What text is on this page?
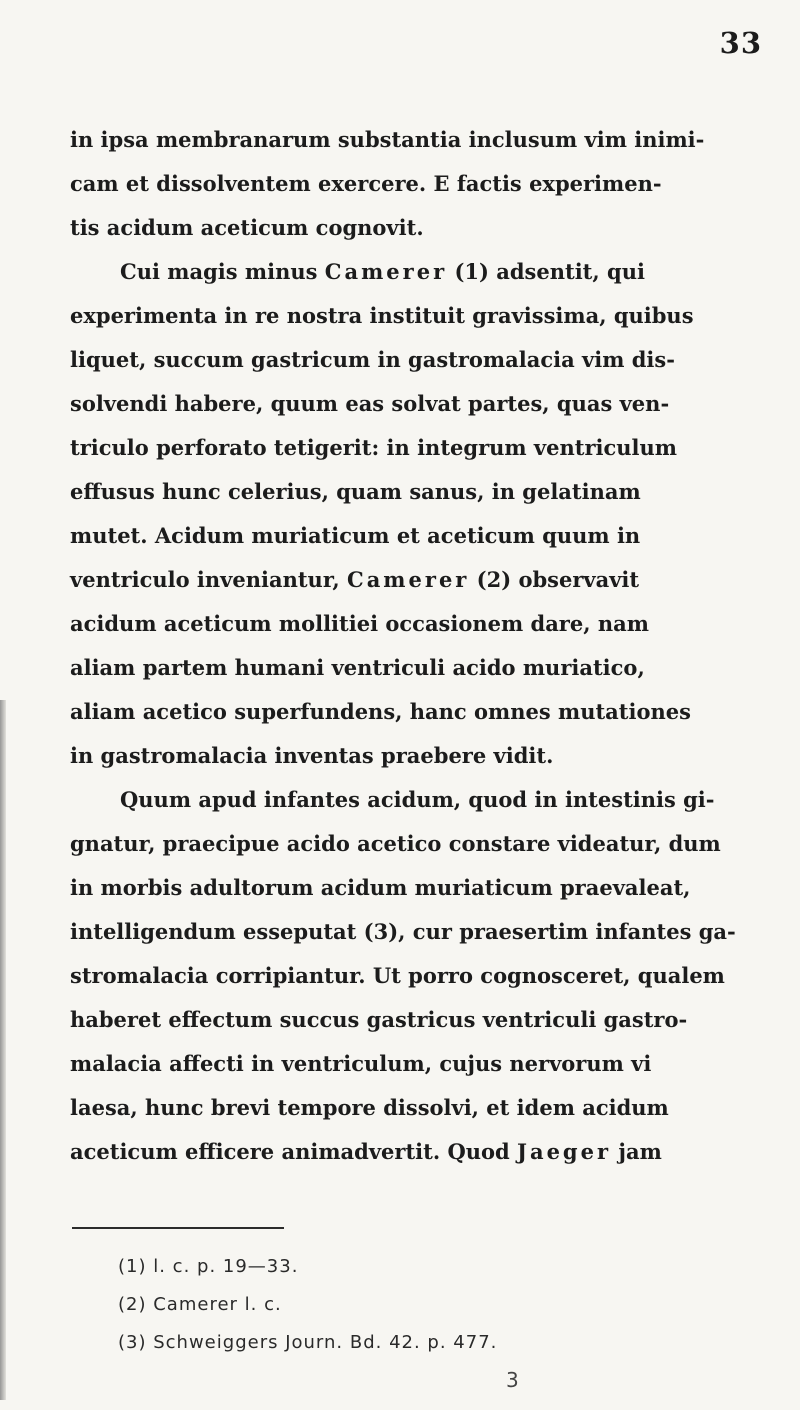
33
in ipsa membranarum substantia inclusum vim inimi-
cam et dissolventem exercere. E factis experimen-
tis acidum aceticum cognovit.
Cui magis minus Camerer (1) adsentit, qui
experimenta in re nostra instituit gravissima, quibus
liquet, succum gastricum in gastromalacia vim dis-
solvendi habere, quum eas solvat partes, quas ven-
triculo perforato tetigerit: in integrum ventriculum
effusus hunc celerius, quam sanus, in gelatinam
mutet. Acidum muriaticum et aceticum quum in
ventriculo inveniantur, Camerer (2) observavit
acidum aceticum mollitiei occasionem dare, nam
aliam partem humani ventriculi acido muriatico,
aliam acetico superfundens, hanc omnes mutationes
in gastromalacia inventas praebere vidit.
Quum apud infantes acidum, quod in intestinis gi-
gnatur, praecipue acido acetico constare videatur, dum
in morbis adultorum acidum muriaticum praevaleat,
intelligendum esseputat (3), cur praesertim infantes ga-
stromalacia corripiantur. Ut porro cognosceret, qualem
haberet effectum succus gastricus ventriculi gastro-
malacia affecti in ventriculum, cujus nervorum vi
laesa, hunc brevi tempore dissolvi, et idem acidum
aceticum efficere animadvertit. Quod Jaeger jam
(1) l. c. p. 19—33.
(2) Camerer l. c.
(3) Schweiggers Journ. Bd. 42. p. 477.
3
